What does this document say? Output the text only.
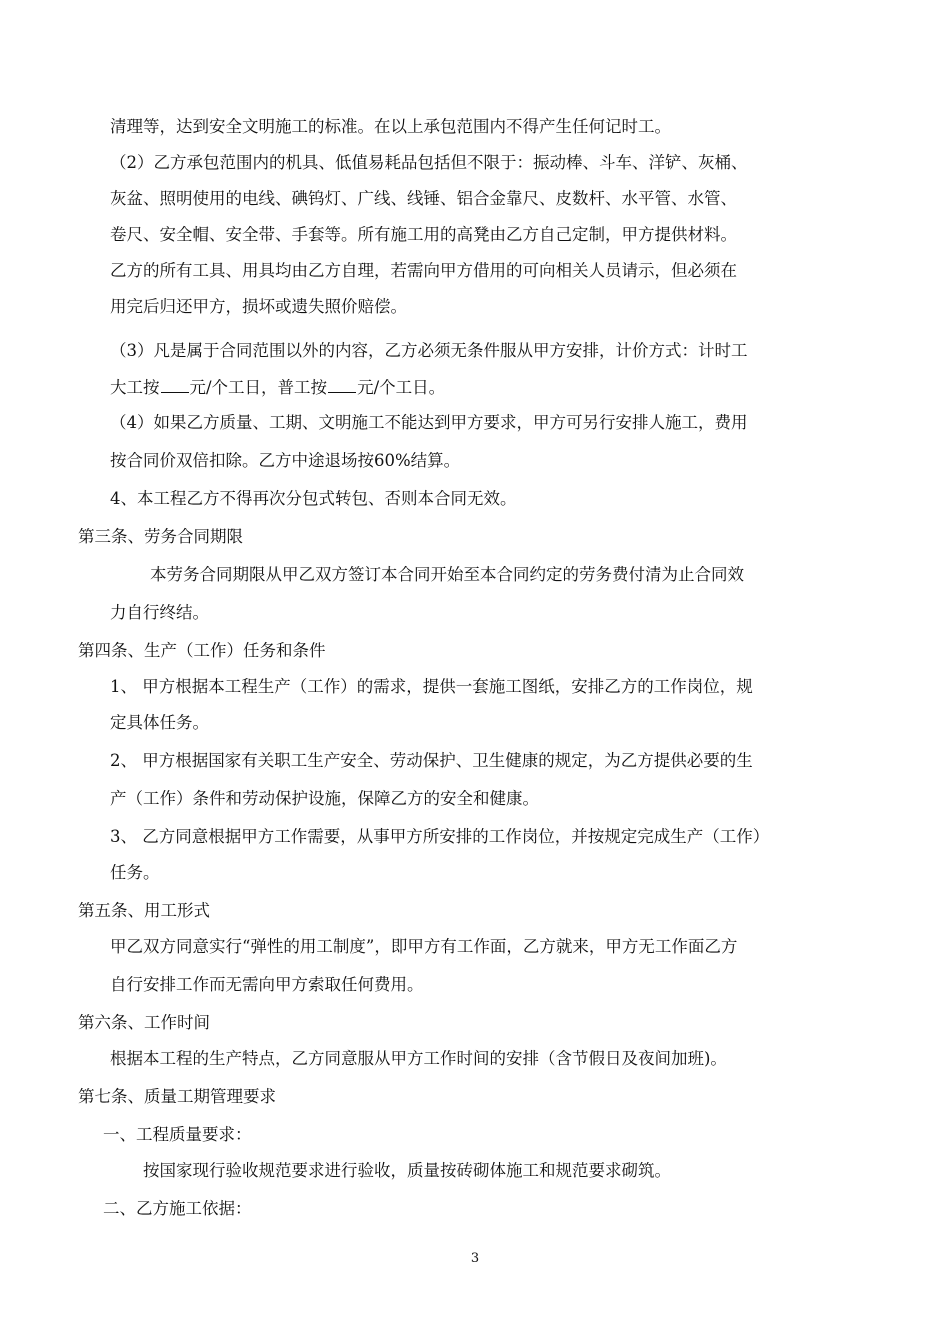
清理等，达到安全文明施工的标准。在以上承包范围内不得产生任何记时工。
（2）乙方承包范围内的机具、低值易耗品包括但不限于：振动棒、斗车、洋铲、灰桶、
灰盆、照明使用的电线、碘钨灯、广线、线锤、铝合金靠尺、皮数杆、水平管、水管、
卷尺、安全帽、安全带、手套等。所有施工用的高凳由乙方自己定制，甲方提供材料。
乙方的所有工具、用具均由乙方自理，若需向甲方借用的可向相关人员请示，但必须在
用完后归还甲方，损坏或遗失照价赔偿。
（3）凡是属于合同范围以外的内容，乙方必须无条件服从甲方安排，计价方式：计时工
大工按 元/个工日，普工按 元/个工日。
（4）如果乙方质量、工期、文明施工不能达到甲方要求，甲方可另行安排人施工，费用
按合同价双倍扣除。乙方中途退场按60%结算。
4、本工程乙方不得再次分包式转包、否则本合同无效。
第三条、劳务合同期限
本劳务合同期限从甲乙双方签订本合同开始至本合同约定的劳务费付清为止合同效
力自行终结。
第四条、生产（工作）任务和条件
1、 甲方根据本工程生产（工作）的需求，提供一套施工图纸，安排乙方的工作岗位，规
定具体任务。
2、 甲方根据国家有关职工生产安全、劳动保护、卫生健康的规定，为乙方提供必要的生
产（工作）条件和劳动保护设施，保障乙方的安全和健康。
3、 乙方同意根据甲方工作需要，从事甲方所安排的工作岗位，并按规定完成生产（工作）
任务。
第五条、用工形式
甲乙双方同意实行“弹性的用工制度”，即甲方有工作面，乙方就来，甲方无工作面乙方
自行安排工作而无需向甲方索取任何费用。
第六条、工作时间
根据本工程的生产特点，乙方同意服从甲方工作时间的安排（含节假日及夜间加班)。
第七条、质量工期管理要求
一、工程质量要求：
按国家现行验收规范要求进行验收，质量按砖砌体施工和规范要求砌筑。
二、乙方施工依据：
3
